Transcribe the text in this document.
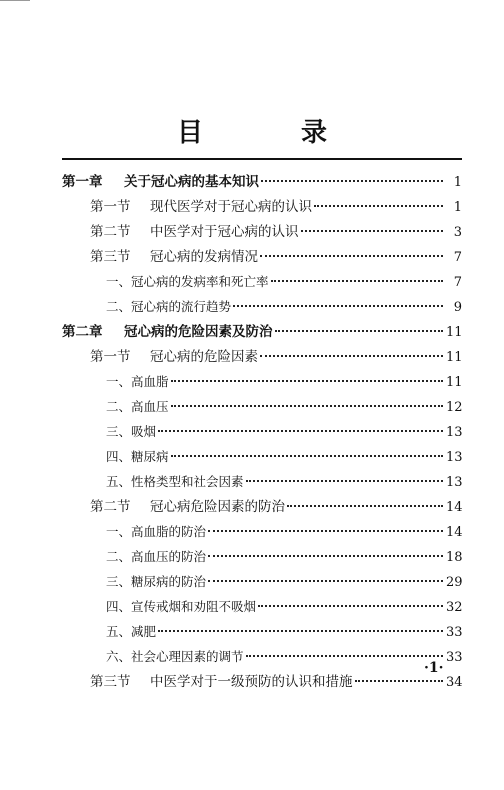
目　录
第一章	关于冠心病的基本知识	1
第一节	现代医学对于冠心病的认识	1
第二节	中医学对于冠心病的认识	3
第三节	冠心病的发病情况	7
一、冠心病的发病率和死亡率	7
二、冠心病的流行趋势	9
第二章	冠心病的危险因素及防治	11
第一节	冠心病的危险因素	11
一、高血脂	11
二、高血压	12
三、吸烟	13
四、糖尿病	13
五、性格类型和社会因素	13
第二节	冠心病危险因素的防治	14
一、高血脂的防治	14
二、高血压的防治	18
三、糖尿病的防治	29
四、宣传戒烟和劝阻不吸烟	32
五、减肥	33
六、社会心理因素的调节	33
第三节	中医学对于一级预防的认识和措施	34
·1·
